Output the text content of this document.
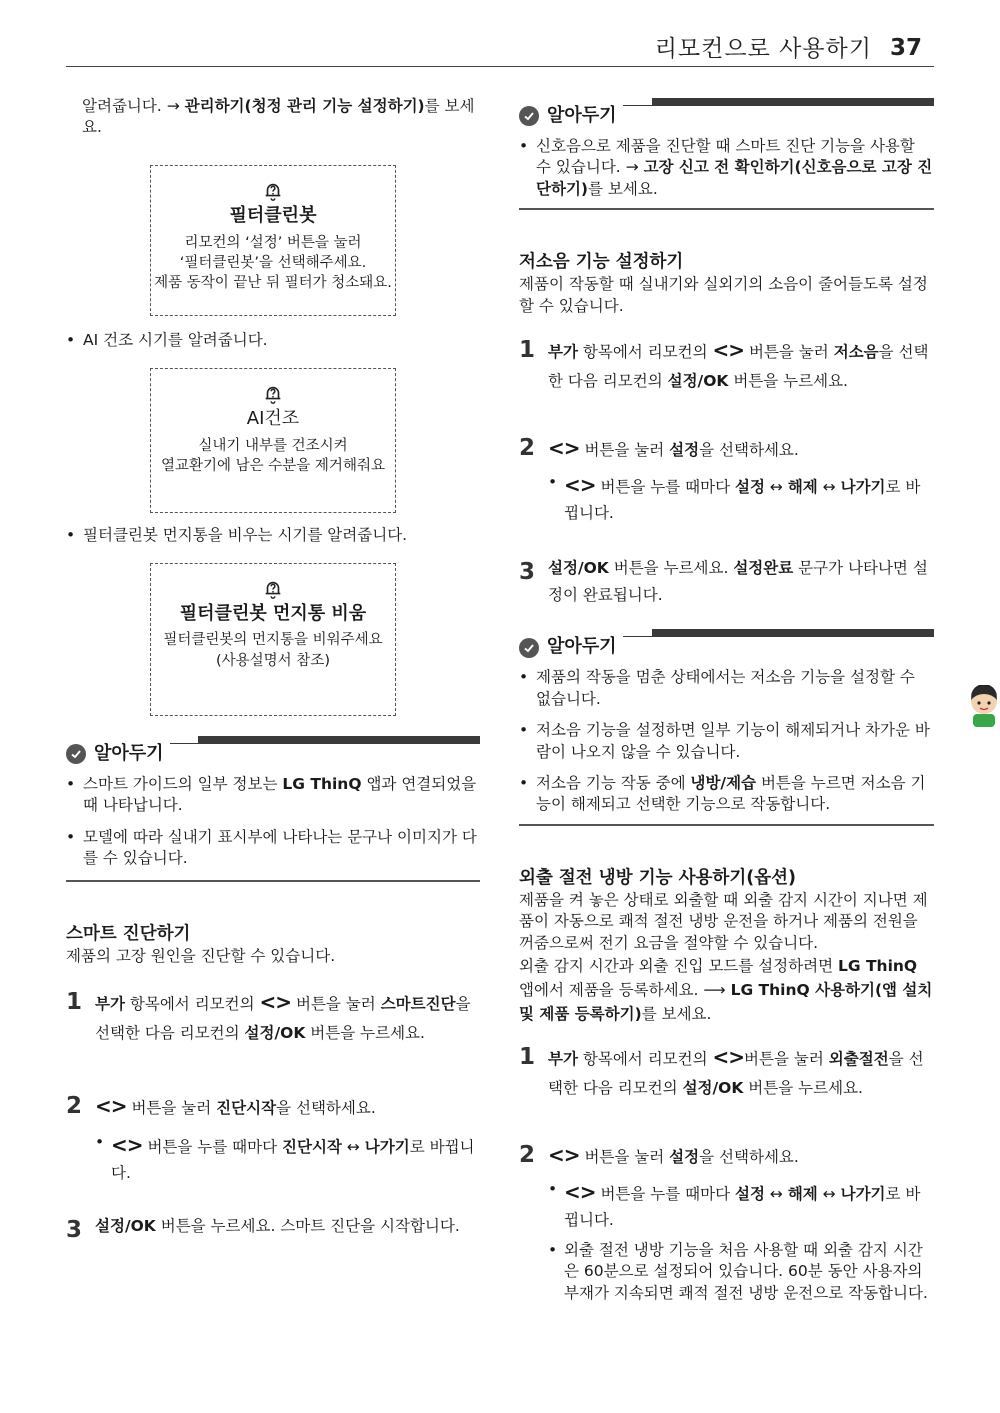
리모컨으로 사용하기 37

알려줍니다. → 관리하기(청정 관리 기능 설정하기)를 보세요.

필터클린봇
리모컨의 ‘설정’ 버튼을 눌러
‘필터클린봇’을 선택해주세요.
제품 동작이 끝난 뒤 필터가 청소돼요.

• AI 건조 시기를 알려줍니다.

AI건조
실내기 내부를 건조시켜
열교환기에 남은 수분을 제거해줘요

• 필터클린봇 먼지통을 비우는 시기를 알려줍니다.

필터클린봇 먼지통 비움
필터클린봇의 먼지통을 비워주세요
(사용설명서 참조)
알아두기

• 스마트 가이드의 일부 정보는 LG ThinQ 앱과 연결되었을 때 나타납니다.

• 모델에 따라 실내기 표시부에 나타나는 문구나 이미지가 다를 수 있습니다.

스마트 진단하기

제품의 고장 원인을 진단할 수 있습니다.

1 부가 항목에서 리모컨의 <> 버튼을 눌러 스마트진단을 선택한 다음 리모컨의 설정/OK 버튼을 누르세요.
2 <> 버튼을 눌러 진단시작을 선택하세요.

• <> 버튼을 누를 때마다 진단시작 ↔ 나가기로 바뀝니다.

3 설정/OK 버튼을 누르세요. 스마트 진단을 시작합니다.
알아두기

• 신호음으로 제품을 진단할 때 스마트 진단 기능을 사용할 수 있습니다. → 고장 신고 전 확인하기(신호음으로 고장 진단하기)를 보세요.

저소음 기능 설정하기

제품이 작동할 때 실내기와 실외기의 소음이 줄어들도록 설정할 수 있습니다.

1 부가 항목에서 리모컨의 <> 버튼을 눌러 저소음을 선택한 다음 리모컨의 설정/OK 버튼을 누르세요.
2 <> 버튼을 눌러 설정을 선택하세요.

• <> 버튼을 누를 때마다 설정 ↔ 해제 ↔ 나가기로 바뀝니다.

3 설정/OK 버튼을 누르세요. 설정완료 문구가 나타나면 설정이 완료됩니다.
알아두기

• 제품의 작동을 멈춘 상태에서는 저소음 기능을 설정할 수 없습니다.

• 저소음 기능을 설정하면 일부 기능이 해제되거나 차가운 바람이 나오지 않을 수 있습니다.

• 저소음 기능 작동 중에 냉방/제습 버튼을 누르면 저소음 기능이 해제되고 선택한 기능으로 작동합니다.

외출 절전 냉방 기능 사용하기(옵션)

제품을 켜 놓은 상태로 외출할 때 외출 감지 시간이 지나면 제품이 자동으로 쾌적 절전 냉방 운전을 하거나 제품의 전원을 꺼줌으로써 전기 요금을 절약할 수 있습니다.

외출 감지 시간과 외출 진입 모드를 설정하려면 LG ThinQ 앱에서 제품을 등록하세요. ⟶ LG ThinQ 사용하기(앱 설치 및 제품 등록하기)를 보세요.

1 부가 항목에서 리모컨의 <>버튼을 눌러 외출절전을 선택한 다음 리모컨의 설정/OK 버튼을 누르세요.
2 <> 버튼을 눌러 설정을 선택하세요.

• <> 버튼을 누를 때마다 설정 ↔ 해제 ↔ 나가기로 바뀝니다.

• 외출 절전 냉방 기능을 처음 사용할 때 외출 감지 시간은 60분으로 설정되어 있습니다. 60분 동안 사용자의 부재가 지속되면 쾌적 절전 냉방 운전으로 작동합니다.
